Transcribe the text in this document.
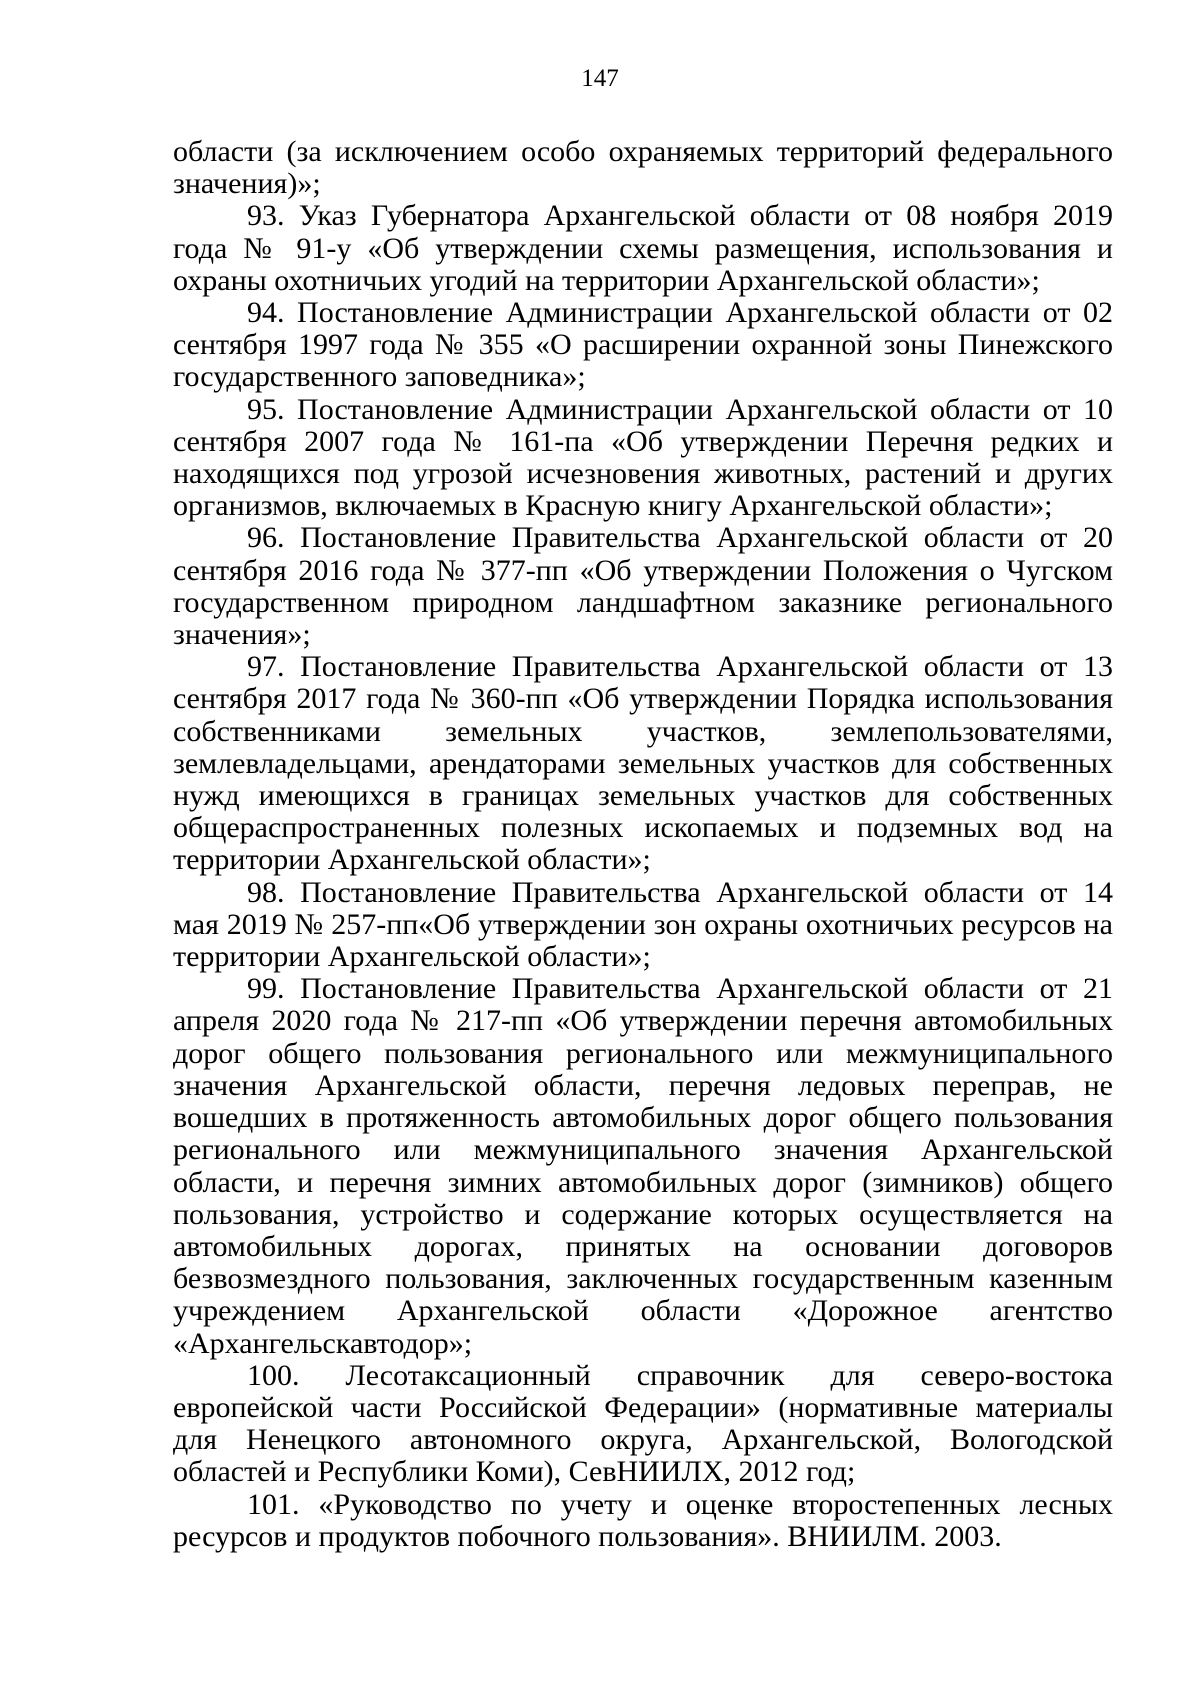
147

области (за исключением особо охраняемых территорий федерального значения)»;

93. Указ Губернатора Архангельской области от 08 ноября 2019 года № 91-у «Об утверждении схемы размещения, использования и охраны охотничьих угодий на территории Архангельской области»;

94. Постановление Администрации Архангельской области от 02 сентября 1997 года № 355 «О расширении охранной зоны Пинежского государственного заповедника»;

95. Постановление Администрации Архангельской области от 10 сентября 2007 года № 161-па «Об утверждении Перечня редких и находящихся под угрозой исчезновения животных, растений и других организмов, включаемых в Красную книгу Архангельской области»;

96. Постановление Правительства Архангельской области от 20 сентября 2016 года № 377-пп «Об утверждении Положения о Чугском государственном природном ландшафтном заказнике регионального значения»;

97. Постановление Правительства Архангельской области от 13 сентября 2017 года № 360-пп «Об утверждении Порядка использования собственниками земельных участков, землепользователями, землевладельцами, арендаторами земельных участков для собственных нужд имеющихся в границах земельных участков для собственных общераспространенных полезных ископаемых и подземных вод на территории Архангельской области»;

98. Постановление Правительства Архангельской области от 14 мая 2019 № 257-пп«Об утверждении зон охраны охотничьих ресурсов на территории Архангельской области»;

99. Постановление Правительства Архангельской области от 21 апреля 2020 года № 217-пп «Об утверждении перечня автомобильных дорог общего пользования регионального или межмуниципального значения Архангельской области, перечня ледовых переправ, не вошедших в протяженность автомобильных дорог общего пользования регионального или межмуниципального значения Архангельской области, и перечня зимних автомобильных дорог (зимников) общего пользования, устройство и содержание которых осуществляется на автомобильных дорогах, принятых на основании договоров безвозмездного пользования, заключенных государственным казенным учреждением Архангельской области «Дорожное агентство «Архангельскавтодор»;

100. Лесотаксационный справочник для северо-востока европейской части Российской Федерации» (нормативные материалы для Ненецкого автономного округа, Архангельской, Вологодской областей и Республики Коми), СевНИИЛХ, 2012 год;

101. «Руководство по учету и оценке второстепенных лесных ресурсов и продуктов побочного пользования». ВНИИЛМ. 2003.
